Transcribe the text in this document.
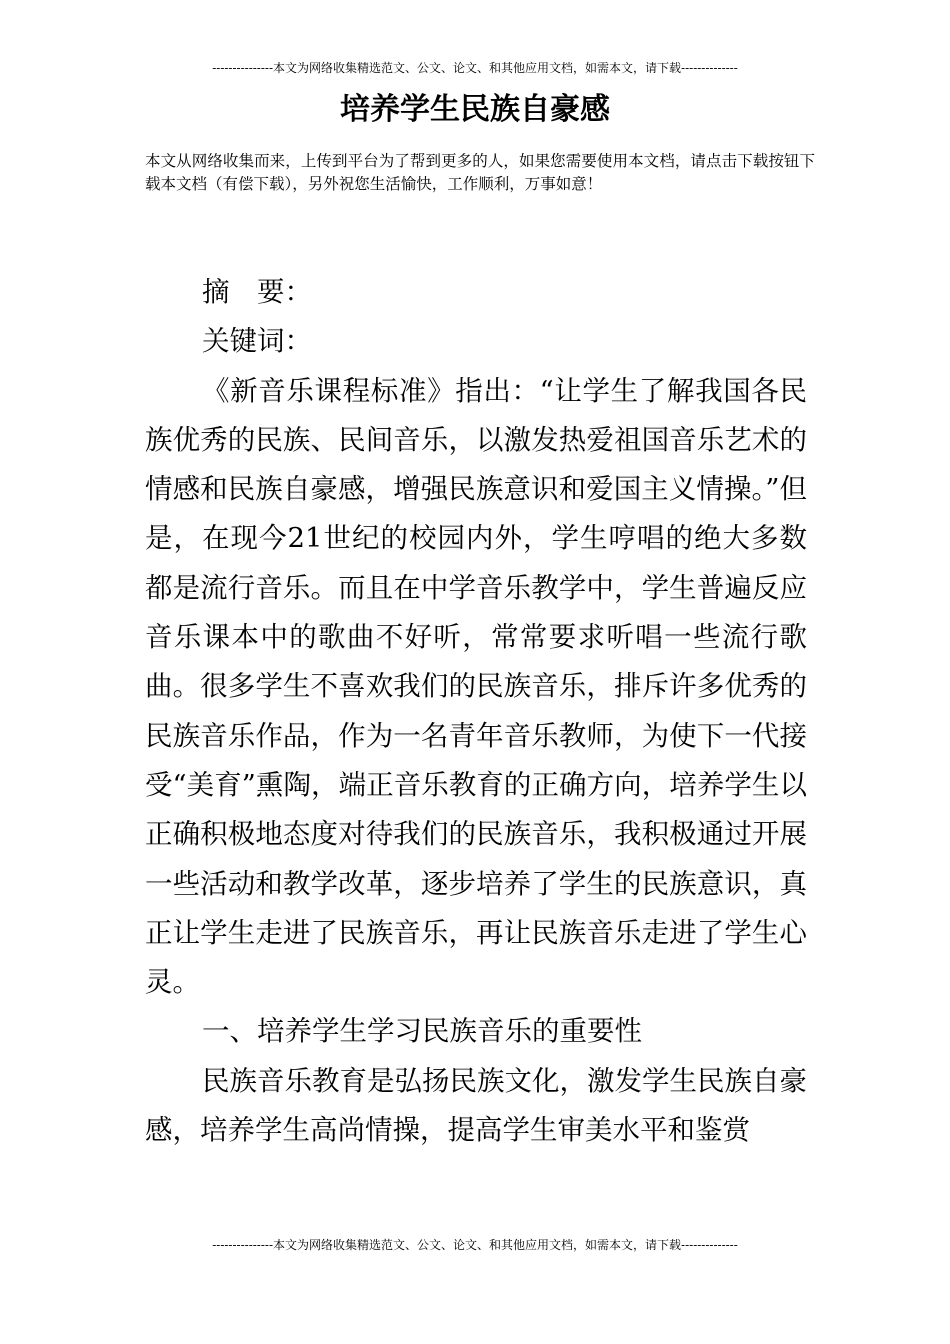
---------------本文为网络收集精选范文、公文、论文、和其他应用文档，如需本文，请下载--------------
培养学生民族自豪感
本文从网络收集而来，上传到平台为了帮到更多的人，如果您需要使用本文档，请点击下载按钮下载本文档（有偿下载），另外祝您生活愉快，工作顺利，万事如意！

摘　要：

关键词：

《新音乐课程标准》指出：“让学生了解我国各民族优秀的民族、民间音乐，以激发热爱祖国音乐艺术的情感和民族自豪感，增强民族意识和爱国主义情操。”但是，在现今21世纪的校园内外，学生哼唱的绝大多数都是流行音乐。而且在中学音乐教学中，学生普遍反应音乐课本中的歌曲不好听，常常要求听唱一些流行歌曲。很多学生不喜欢我们的民族音乐，排斥许多优秀的民族音乐作品，作为一名青年音乐教师，为使下一代接受“美育”熏陶，端正音乐教育的正确方向，培养学生以正确积极地态度对待我们的民族音乐，我积极通过开展一些活动和教学改革，逐步培养了学生的民族意识，真正让学生走进了民族音乐，再让民族音乐走进了学生心灵。

一、培养学生学习民族音乐的重要性

民族音乐教育是弘扬民族文化，激发学生民族自豪感，培养学生高尚情操，提高学生审美水平和鉴赏

---------------本文为网络收集精选范文、公文、论文、和其他应用文档，如需本文，请下载--------------
